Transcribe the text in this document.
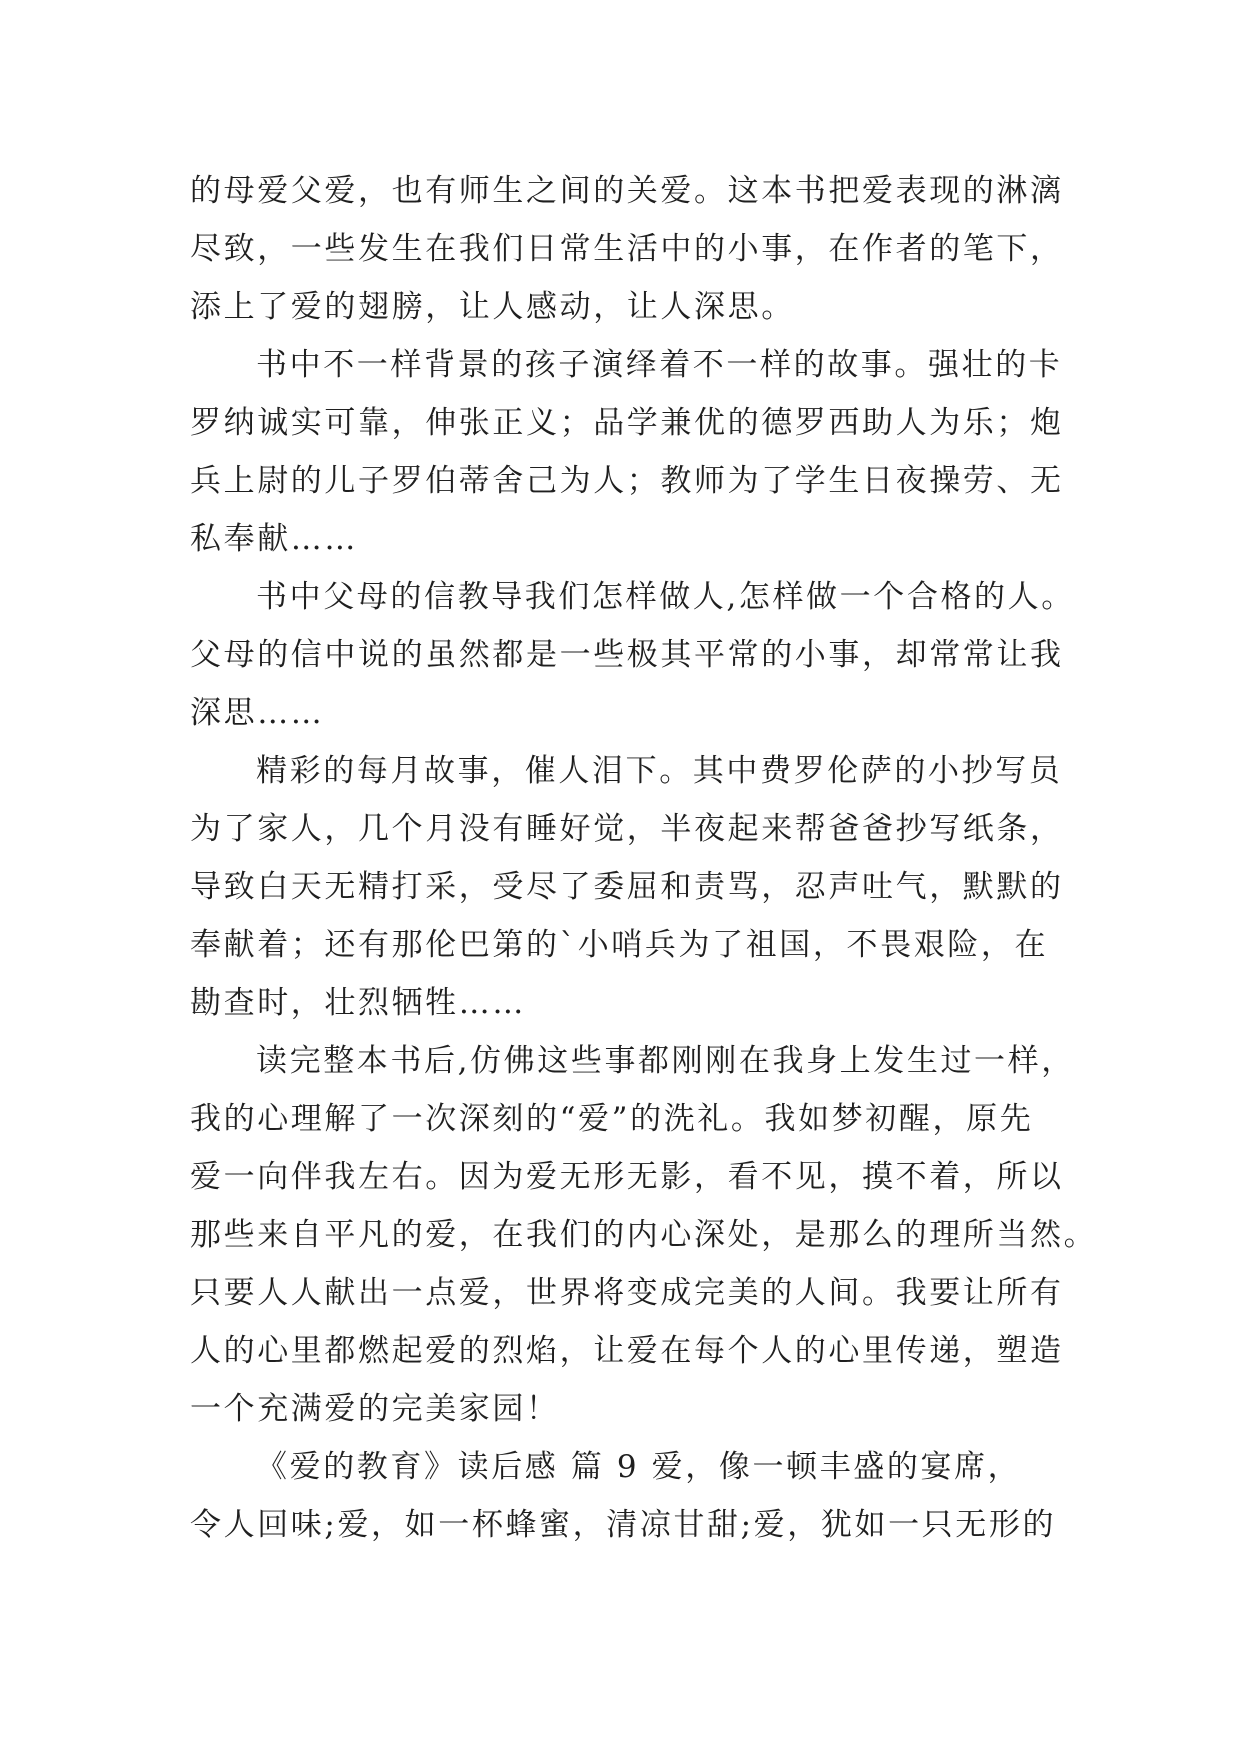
的母爱父爱，也有师生之间的关爱。这本书把爱表现的淋漓
尽致，一些发生在我们日常生活中的小事，在作者的笔下，
添上了爱的翅膀，让人感动，让人深思。
书中不一样背景的孩子演绎着不一样的故事。强壮的卡
罗纳诚实可靠，伸张正义；品学兼优的德罗西助人为乐；炮
兵上尉的儿子罗伯蒂舍己为人；教师为了学生日夜操劳、无
私奉献……
书中父母的信教导我们怎样做人,怎样做一个合格的人。
父母的信中说的虽然都是一些极其平常的小事，却常常让我
深思……
精彩的每月故事，催人泪下。其中费罗伦萨的小抄写员
为了家人，几个月没有睡好觉，半夜起来帮爸爸抄写纸条，
导致白天无精打采，受尽了委屈和责骂，忍声吐气，默默的
奉献着；还有那伦巴第的`小哨兵为了祖国，不畏艰险，在
勘查时，壮烈牺牲……
读完整本书后,仿佛这些事都刚刚在我身上发生过一样，
我的心理解了一次深刻的“爱”的洗礼。我如梦初醒，原先
爱一向伴我左右。因为爱无形无影，看不见，摸不着，所以
那些来自平凡的爱，在我们的内心深处，是那么的理所当然。
只要人人献出一点爱，世界将变成完美的人间。我要让所有
人的心里都燃起爱的烈焰，让爱在每个人的心里传递，塑造
一个充满爱的完美家园！
《爱的教育》读后感 篇 9 爱，像一顿丰盛的宴席，
令人回味;爱，如一杯蜂蜜，清凉甘甜;爱，犹如一只无形的
